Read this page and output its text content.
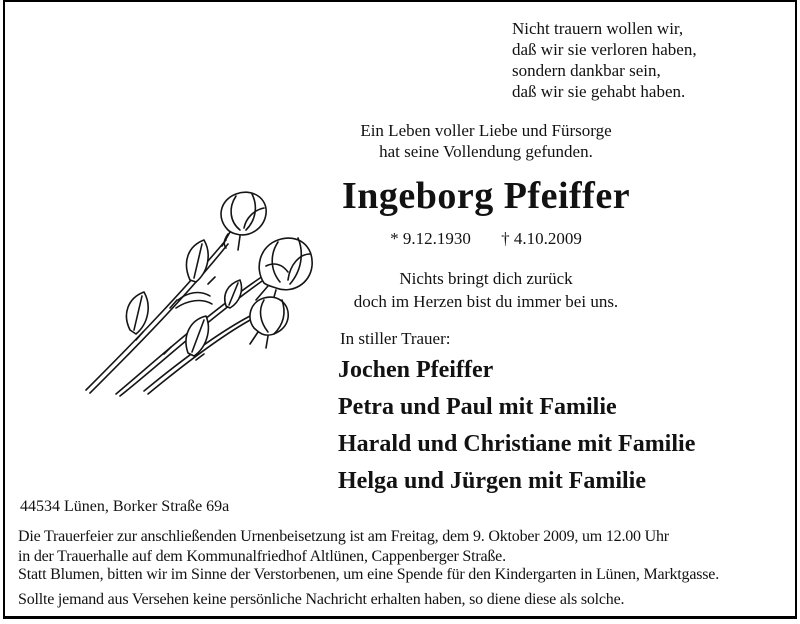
Nicht trauern wollen wir,
daß wir sie verloren haben,
sondern dankbar sein,
daß wir sie gehabt haben.
Ein Leben voller Liebe und Fürsorge
hat seine Vollendung gefunden.
Ingeborg Pfeiffer
* 9.12.1930 † 4.10.2009
Nichts bringt dich zurück
doch im Herzen bist du immer bei uns.
In stiller Trauer:
Jochen Pfeiffer
Petra und Paul mit Familie
Harald und Christiane mit Familie
Helga und Jürgen mit Familie
44534 Lünen, Borker Straße 69a
Die Trauerfeier zur anschließenden Urnenbeisetzung ist am Freitag, dem 9. Oktober 2009, um 12.00 Uhr
in der Trauerhalle auf dem Kommunalfriedhof Altlünen, Cappenberger Straße.
Statt Blumen, bitten wir im Sinne der Verstorbenen, um eine Spende für den Kindergarten in Lünen, Marktgasse.
Sollte jemand aus Versehen keine persönliche Nachricht erhalten haben, so diene diese als solche.
